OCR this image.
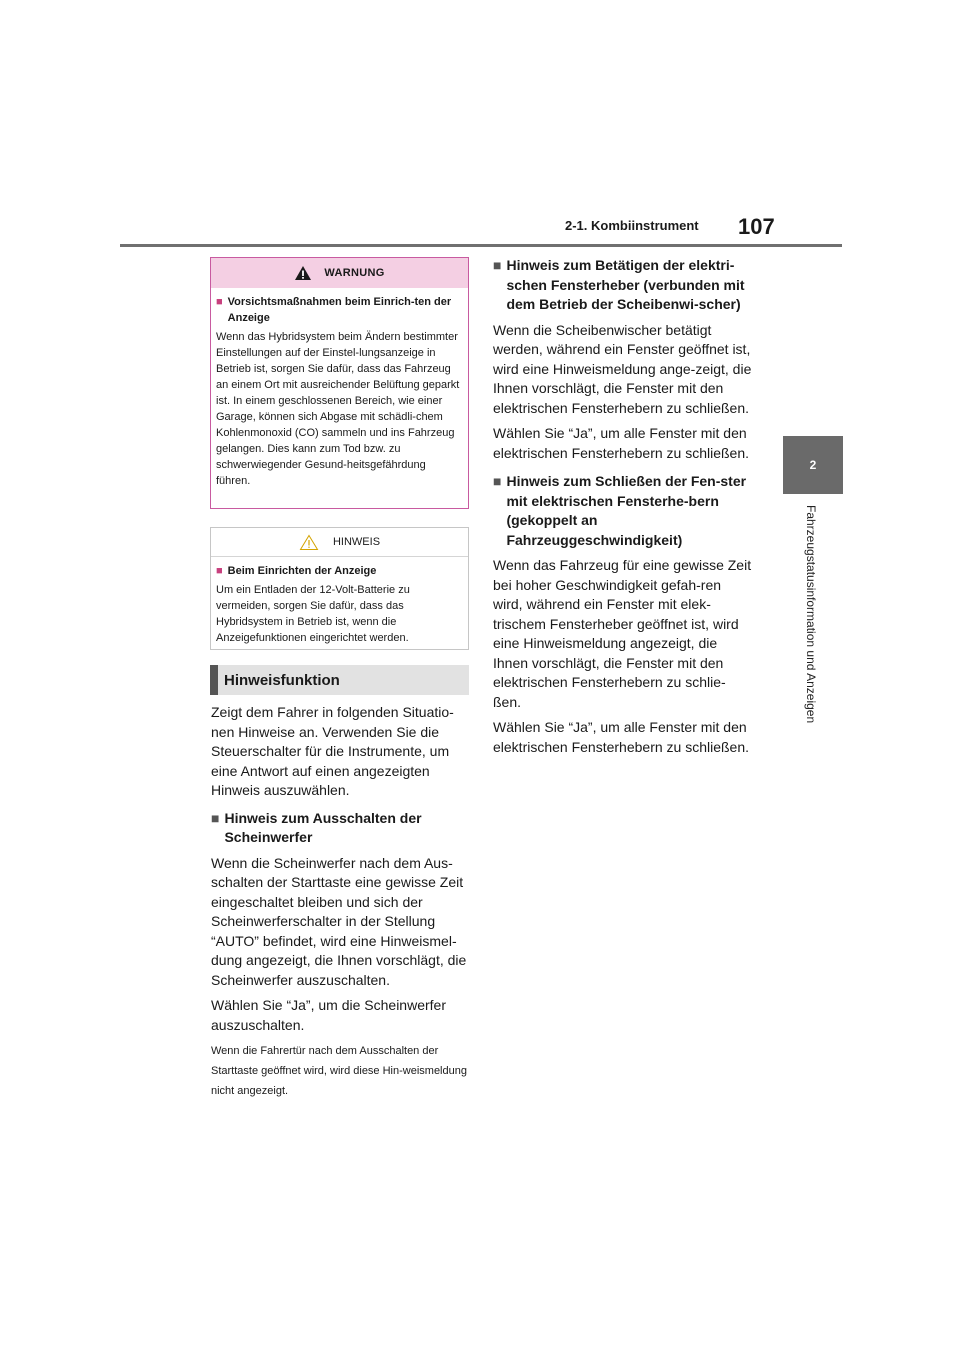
2-1. Kombiinstrument 107
2
Fahrzeugstatusinformation und Anzeigen
WARNUNG
■ Vorsichtsmaßnahmen beim Einrich-ten der Anzeige

Wenn das Hybridsystem beim Ändern bestimmter Einstellungen auf der Einstel-lungsanzeige in Betrieb ist, sorgen Sie dafür, dass das Fahrzeug an einem Ort mit ausreichender Belüftung geparkt ist. In einem geschlossenen Bereich, wie einer Garage, können sich Abgase mit schädli-chem Kohlenmonoxid (CO) sammeln und ins Fahrzeug gelangen. Dies kann zum Tod bzw. zu schwerwiegender Gesund-heitsgefährdung führen.

HINWEIS
■ Beim Einrichten der Anzeige

Um ein Entladen der 12-Volt-Batterie zu vermeiden, sorgen Sie dafür, dass das Hybridsystem in Betrieb ist, wenn die Anzeigefunktionen eingerichtet werden.

Hinweisfunktion

Zeigt dem Fahrer in folgenden Situatio-nen Hinweise an. Verwenden Sie die Steuerschalter für die Instrumente, um eine Antwort auf einen angezeigten Hinweis auszuwählen.

■ Hinweis zum Ausschalten der Scheinwerfer

Wenn die Scheinwerfer nach dem Aus-schalten der Starttaste eine gewisse Zeit eingeschaltet bleiben und sich der Scheinwerferschalter in der Stellung “AUTO” befindet, wird eine Hinweismel-dung angezeigt, die Ihnen vorschlägt, die Scheinwerfer auszuschalten.

Wählen Sie “Ja”, um die Scheinwerfer auszuschalten.

Wenn die Fahrertür nach dem Ausschalten der Starttaste geöffnet wird, wird diese Hin-weismeldung nicht angezeigt.

■ Hinweis zum Betätigen der elektri-schen Fensterheber (verbunden mit dem Betrieb der Scheibenwi-scher)

Wenn die Scheibenwischer betätigt werden, während ein Fenster geöffnet ist, wird eine Hinweismeldung ange-zeigt, die Ihnen vorschlägt, die Fenster mit den elektrischen Fensterhebern zu schließen.

Wählen Sie “Ja”, um alle Fenster mit den elektrischen Fensterhebern zu schließen.

■ Hinweis zum Schließen der Fen-ster mit elektrischen Fensterhe-bern (gekoppelt an Fahrzeuggeschwindigkeit)

Wenn das Fahrzeug für eine gewisse Zeit bei hoher Geschwindigkeit gefah-ren wird, während ein Fenster mit elek-trischem Fensterheber geöffnet ist, wird eine Hinweismeldung angezeigt, die Ihnen vorschlägt, die Fenster mit den elektrischen Fensterhebern zu schlie-ßen.

Wählen Sie “Ja”, um alle Fenster mit den elektrischen Fensterhebern zu schließen.
